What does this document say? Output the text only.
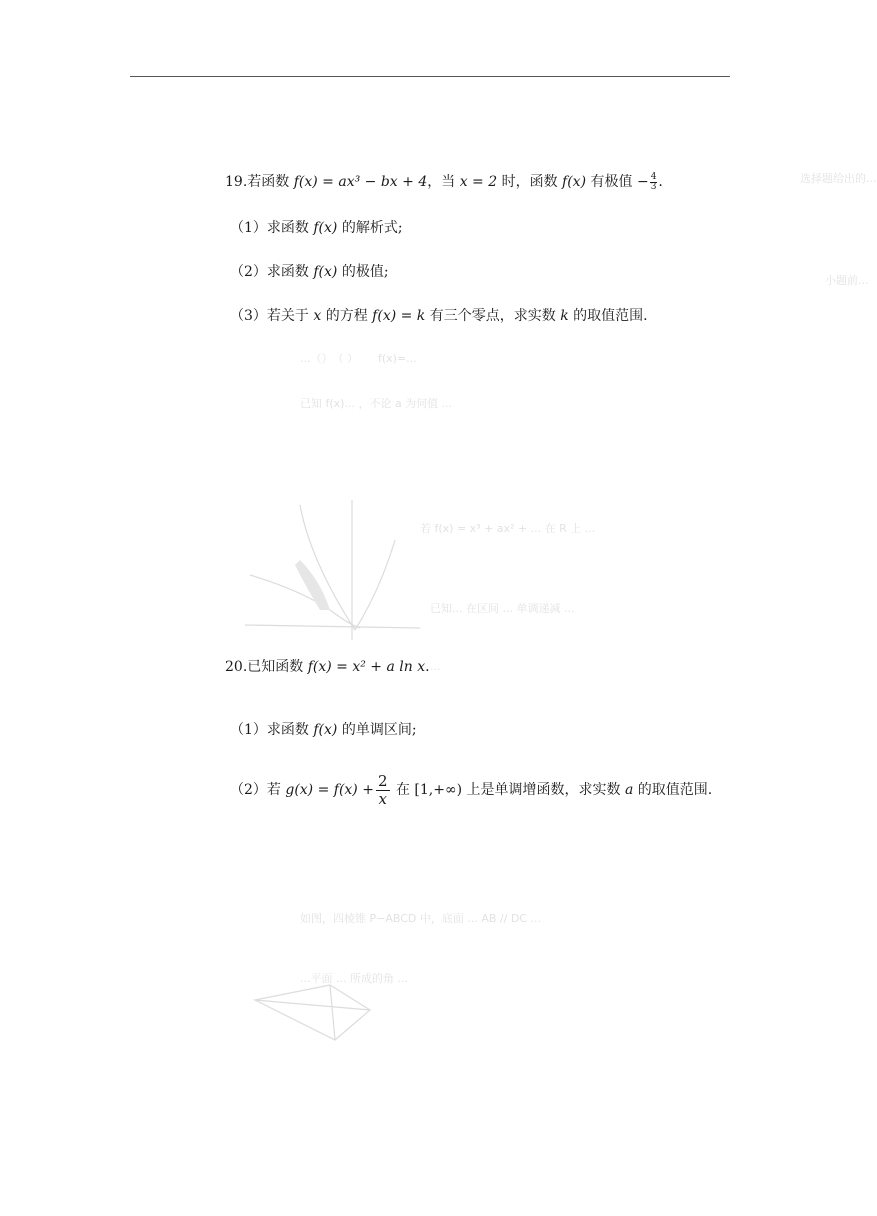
选择题给出的...
小题前...
...（）　（ ）　　 f(x)=...
已知 f(x)... ，不论 a 为何值 ...
若 f(x) = x³ + ax² + ... 在 R 上 ...
已知... 在区间 ... 单调递减 ...
...
如图，四棱锥 P−ABCD 中，底面 ... AB // DC ...
...平面 ... 所成的角 ...
19.若函数 f(x) = ax³ − bx + 4，当 x = 2 时，函数 f(x) 有极值 − $\frac{4}{3}$ .
（1）求函数 f(x) 的解析式;
（2）求函数 f(x) 的极值;
（3）若关于 x 的方程 f(x) = k 有三个零点，求实数 k 的取值范围.
20.已知函数 f(x) = x² + a ln x.
（1）求函数 f(x) 的单调区间;
（2）若 $g(x) = f(x) + \frac{2}{x}$ 在 [1,+∞) 上是单调增函数，求实数 a 的取值范围.
